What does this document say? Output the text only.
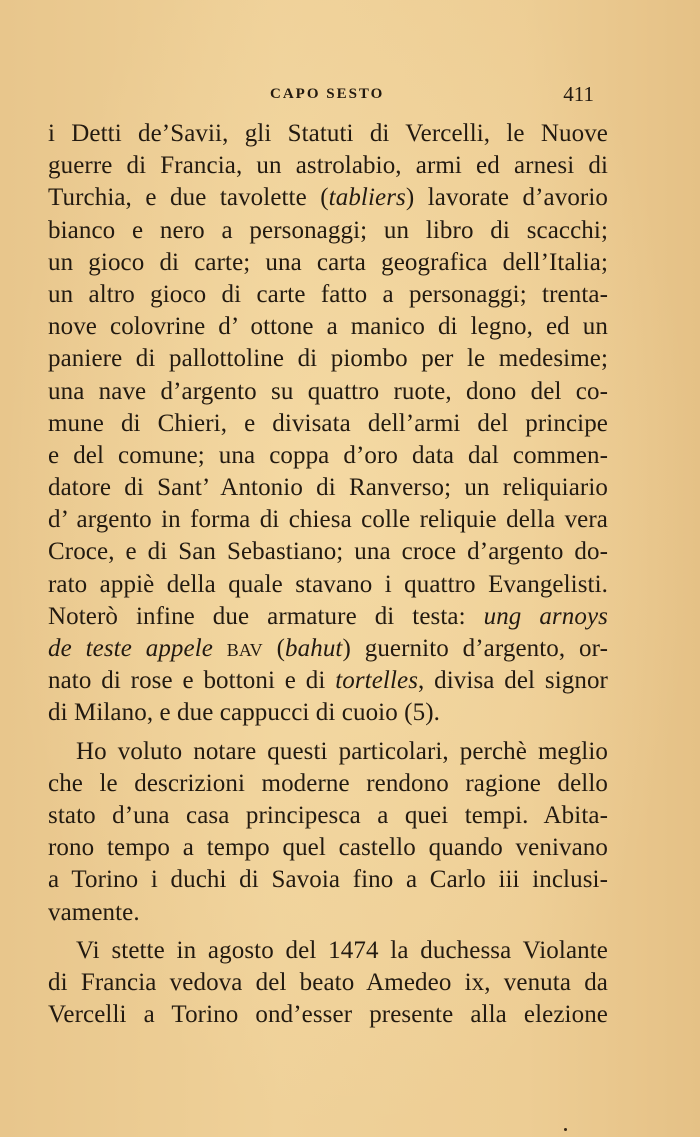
CAPO SESTO	411
i Detti de’Savii, gli Statuti di Vercelli, le Nuove
guerre di Francia, un astrolabio, armi ed arnesi di
Turchia, e due tavolette (tabliers) lavorate d’avorio
bianco e nero a personaggi; un libro di scacchi;
un gioco di carte; una carta geografica dell’Italia;
un altro gioco di carte fatto a personaggi; trenta-
nove colovrine d’ ottone a manico di legno, ed un
paniere di pallottoline di piombo per le medesime;
una nave d’argento su quattro ruote, dono del co-
mune di Chieri, e divisata dell’armi del principe
e del comune; una coppa d’oro data dal commen-
datore di Sant’ Antonio di Ranverso; un reliquiario
d’ argento in forma di chiesa colle reliquie della vera
Croce, e di San Sebastiano; una croce d’argento do-
rato appiè della quale stavano i quattro Evangelisti.
Noterò infine due armature di testa: ung arnoys
de teste appele bav (bahut) guernito d’argento, or-
nato di rose e bottoni e di tortelles, divisa del signor
di Milano, e due cappucci di cuoio (5).
Ho voluto notare questi particolari, perchè meglio
che le descrizioni moderne rendono ragione dello
stato d’una casa principesca a quei tempi. Abita-
rono tempo a tempo quel castello quando venivano
a Torino i duchi di Savoia fino a Carlo iii inclusi-
vamente.
Vi stette in agosto del 1474 la duchessa Violante
di Francia vedova del beato Amedeo ix, venuta da
Vercelli a Torino ond’esser presente alla elezione
